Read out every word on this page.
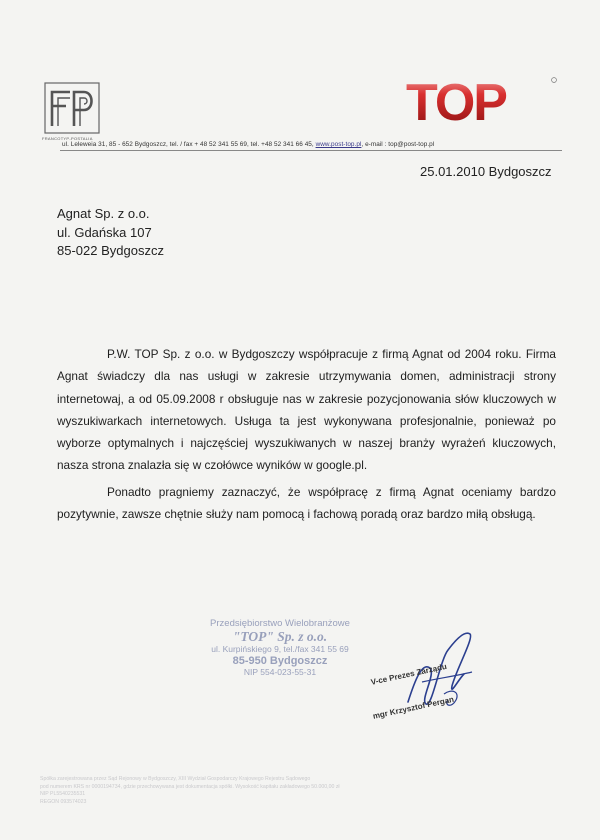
FRANCOTYP-POSTALIA
TOP
ul. Leleweia 31, 85 - 652 Bydgoszcz, tel. / fax + 48 52 341 55 69, tel. +48 52 341 66 45, www.post-top.pl, e-mail : top@post-top.pl
25.01.2010 Bydgoszcz
Agnat Sp. z o.o.
ul. Gdańska 107
85-022 Bydgoszcz

P.W. TOP Sp. z o.o. w Bydgoszczy współpracuje z firmą Agnat od 2004 roku. Firma Agnat świadczy dla nas usługi w zakresie utrzymywania domen, administracji strony internetowaj, a od 05.09.2008 r obsługuje nas w zakresie pozycjonowania słów kluczowych w wyszukiwarkach internetowych. Usługa ta jest wykonywana profesjonalnie, ponieważ po wyborze optymalnych i najczęściej wyszukiwanych w naszej branży wyrażeń kluczowych, nasza strona znalazła się w czołówce wyników w google.pl.

Ponadto pragniemy zaznaczyć, że współpracę z firmą Agnat oceniamy bardzo pozytywnie, zawsze chętnie służy nam pomocą i fachową poradą oraz bardzo miłą obsługą.

Przedsiębiorstwo Wielobranżowe
"TOP" Sp. z o.o.
ul. Kurpińskiego 9, tel./fax 341 55 69
85-950 Bydgoszcz
NIP 554-023-55-31	V-ce Prezes Zarządu
mgr Krzysztof Pergan
Spółka zarejestrowana przez Sąd Rejonowy w Bydgoszczy, XIII Wydział Gospodarczy Krajowego Rejestru Sądowego
pod numerem KRS nr 0000194734, gdzie przechowywana jest dokumentacja spółki. Wysokość kapitału zakładowego 50.000,00 zł
NIP PL5540235531
REGON 093574023
